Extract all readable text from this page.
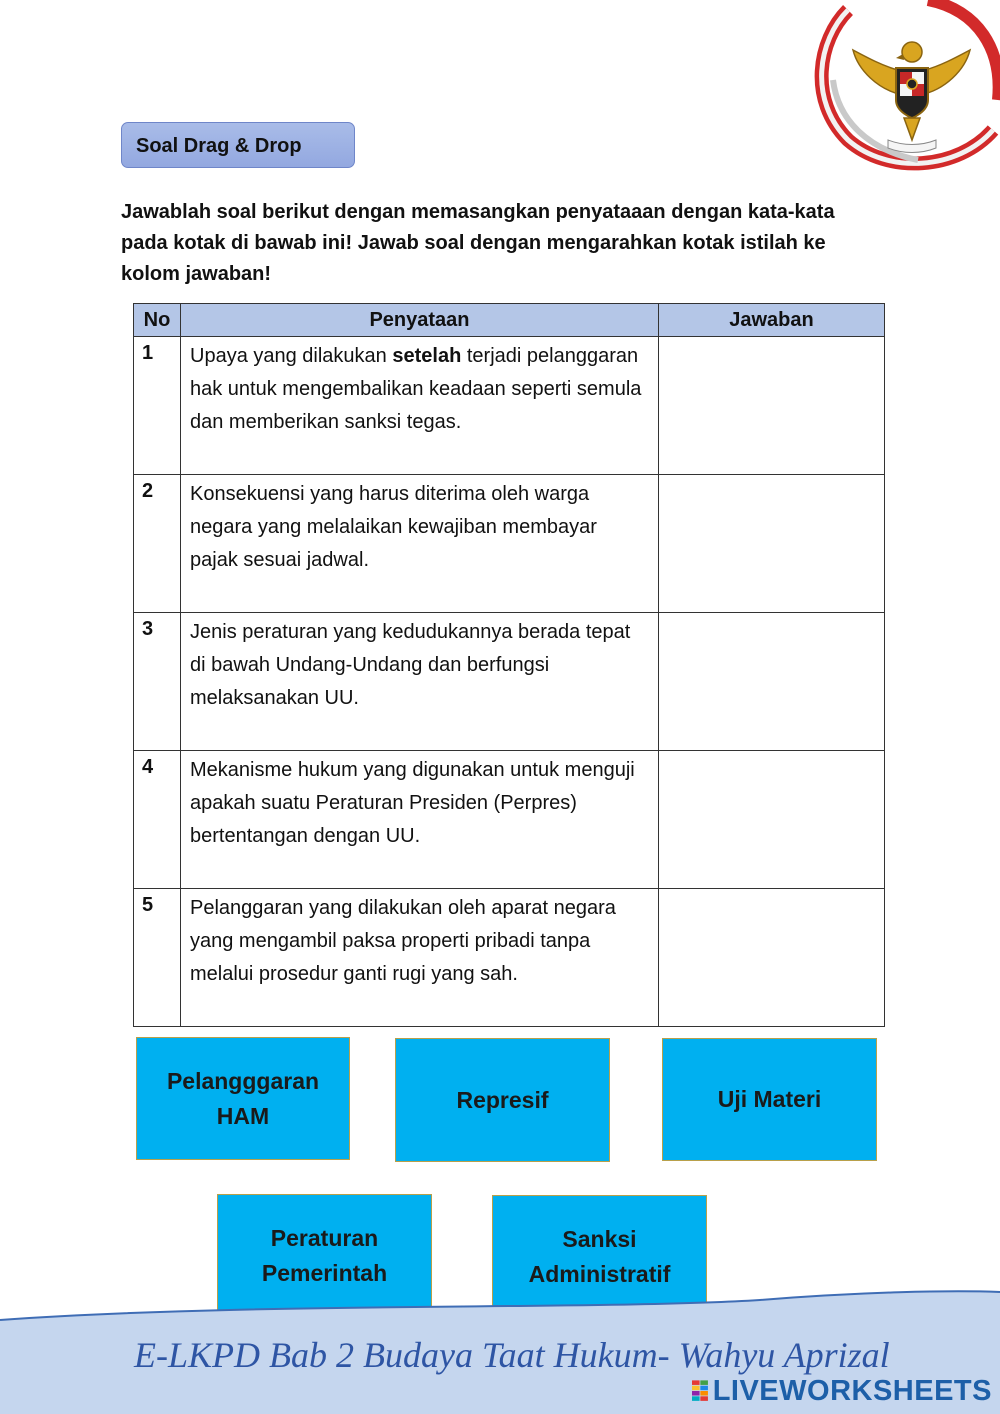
Soal Drag & Drop

Jawablah soal berikut dengan memasangkan penyataaan dengan kata-kata pada kotak di bawab ini! Jawab soal dengan mengarahkan kotak istilah ke kolom jawaban!

No	Penyataan	Jawaban
1	Upaya yang dilakukan setelah terjadi pelanggaran hak untuk mengembalikan keadaan seperti semula dan memberikan sanksi tegas.	
2	Konsekuensi yang harus diterima oleh warga negara yang melalaikan kewajiban membayar pajak sesuai jadwal.	
3	Jenis peraturan yang kedudukannya berada tepat di bawah Undang-Undang dan berfungsi melaksanakan UU.	
4	Mekanisme hukum yang digunakan untuk menguji apakah suatu Peraturan Presiden (Perpres) bertentangan dengan UU.	
5	Pelanggaran yang dilakukan oleh aparat negara yang mengambil paksa properti pribadi tanpa melalui prosedur ganti rugi yang sah.	
Pelangggaran
HAM
Represif	Uji Materi
Peraturan
Pemerintah
Sanksi
Administratif
E-LKPD Bab 2 Budaya Taat Hukum- Wahyu Aprizal
LIVEWORKSHEETS
